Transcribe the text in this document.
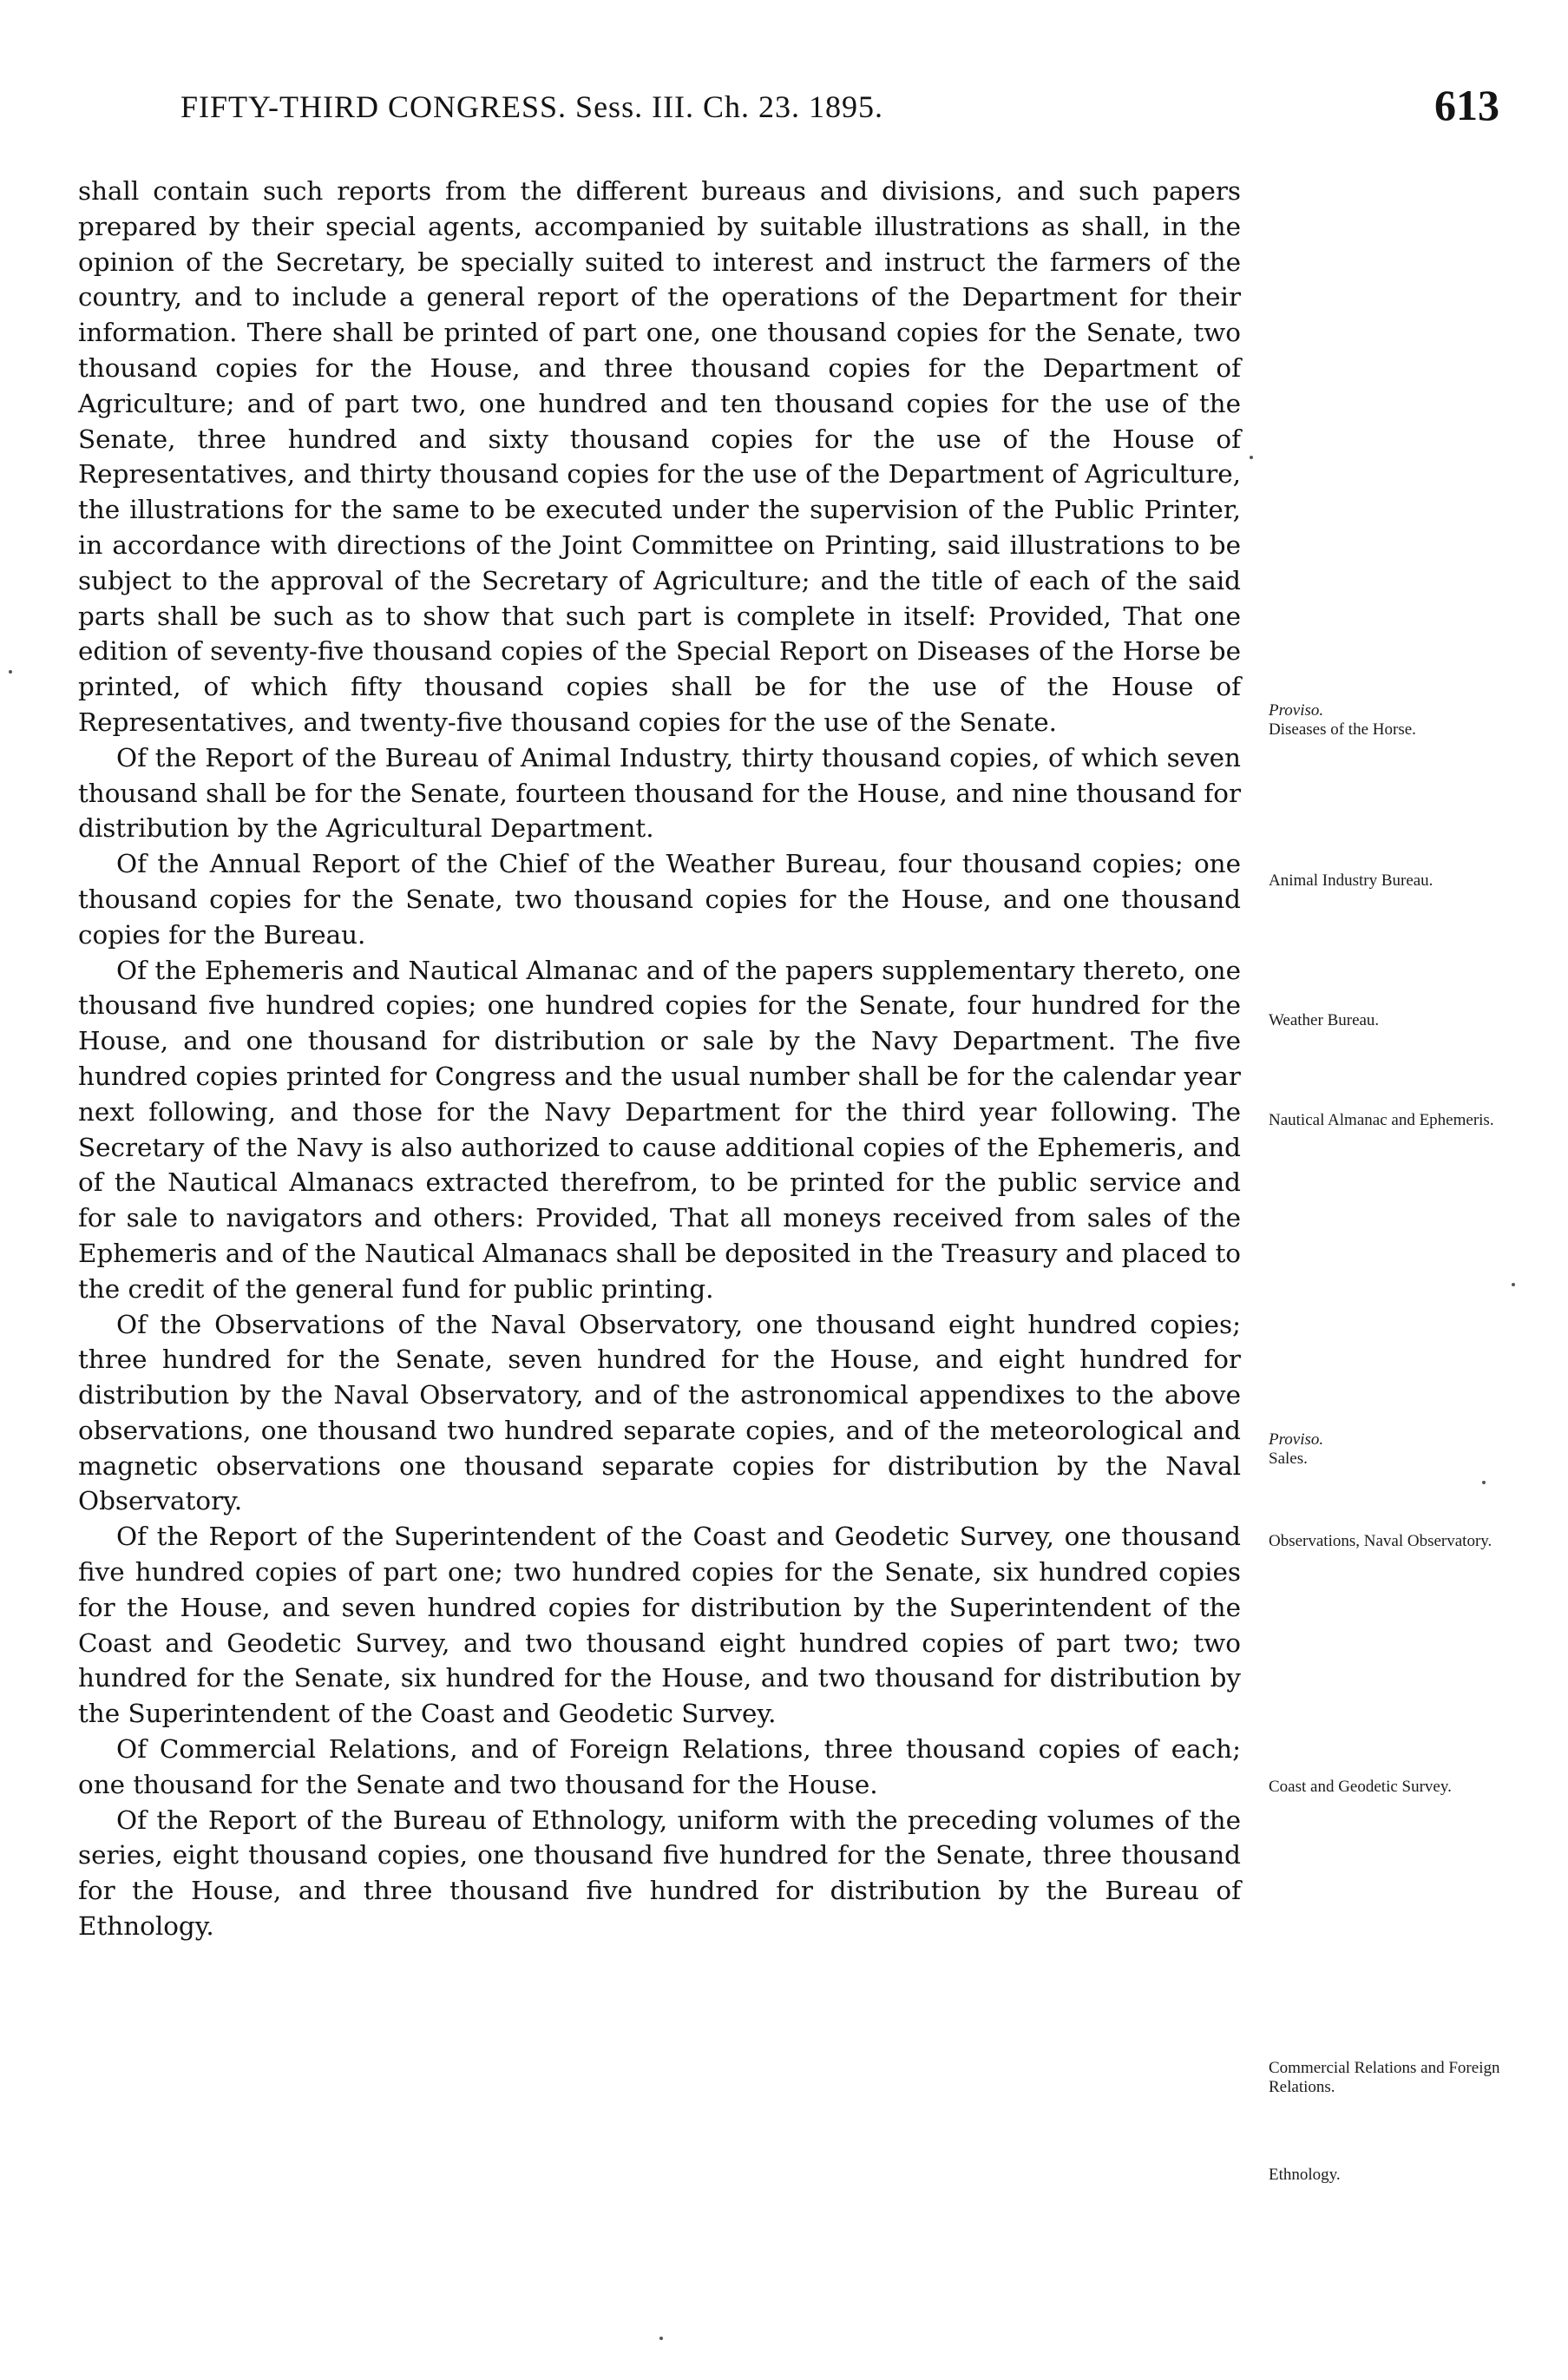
FIFTY-THIRD CONGRESS. Sess. III. Ch. 23. 1895.	613

shall contain such reports from the different bureaus and divisions, and such papers prepared by their special agents, accompanied by suitable illustrations as shall, in the opinion of the Secretary, be specially suited to interest and instruct the farmers of the country, and to include a general report of the operations of the Department for their information. There shall be printed of part one, one thousand copies for the Senate, two thousand copies for the House, and three thousand copies for the Department of Agriculture; and of part two, one hundred and ten thousand copies for the use of the Senate, three hundred and sixty thousand copies for the use of the House of Representatives, and thirty thousand copies for the use of the Department of Agriculture, the illustrations for the same to be executed under the supervision of the Public Printer, in accordance with directions of the Joint Committee on Printing, said illustrations to be subject to the approval of the Secretary of Agriculture; and the title of each of the said parts shall be such as to show that such part is complete in itself: Provided, That one edition of seventy-five thousand copies of the Special Report on Diseases of the Horse be printed, of which fifty thousand copies shall be for the use of the House of Representatives, and twenty-five thousand copies for the use of the Senate.

Of the Report of the Bureau of Animal Industry, thirty thousand copies, of which seven thousand shall be for the Senate, fourteen thousand for the House, and nine thousand for distribution by the Agricultural Department.

Of the Annual Report of the Chief of the Weather Bureau, four thousand copies; one thousand copies for the Senate, two thousand copies for the House, and one thousand copies for the Bureau.

Of the Ephemeris and Nautical Almanac and of the papers supplementary thereto, one thousand five hundred copies; one hundred copies for the Senate, four hundred for the House, and one thousand for distribution or sale by the Navy Department. The five hundred copies printed for Congress and the usual number shall be for the calendar year next following, and those for the Navy Department for the third year following. The Secretary of the Navy is also authorized to cause additional copies of the Ephemeris, and of the Nautical Almanacs extracted therefrom, to be printed for the public service and for sale to navigators and others: Provided, That all moneys received from sales of the Ephemeris and of the Nautical Almanacs shall be deposited in the Treasury and placed to the credit of the general fund for public printing.

Of the Observations of the Naval Observatory, one thousand eight hundred copies; three hundred for the Senate, seven hundred for the House, and eight hundred for distribution by the Naval Observatory, and of the astronomical appendixes to the above observations, one thousand two hundred separate copies, and of the meteorological and magnetic observations one thousand separate copies for distribution by the Naval Observatory.

Of the Report of the Superintendent of the Coast and Geodetic Survey, one thousand five hundred copies of part one; two hundred copies for the Senate, six hundred copies for the House, and seven hundred copies for distribution by the Superintendent of the Coast and Geodetic Survey, and two thousand eight hundred copies of part two; two hundred for the Senate, six hundred for the House, and two thousand for distribution by the Superintendent of the Coast and Geodetic Survey.

Of Commercial Relations, and of Foreign Relations, three thousand copies of each; one thousand for the Senate and two thousand for the House.

Of the Report of the Bureau of Ethnology, uniform with the preceding volumes of the series, eight thousand copies, one thousand five hundred for the Senate, three thousand for the House, and three thousand five hundred for distribution by the Bureau of Ethnology.

Proviso.
Diseases of the Horse.
Animal Industry Bureau.
Weather Bureau.
Nautical Almanac and Ephemeris.
Proviso.
Sales.
Observations, Naval Observatory.
Coast and Geodetic Survey.
Commercial Relations and Foreign Relations.
Ethnology.
